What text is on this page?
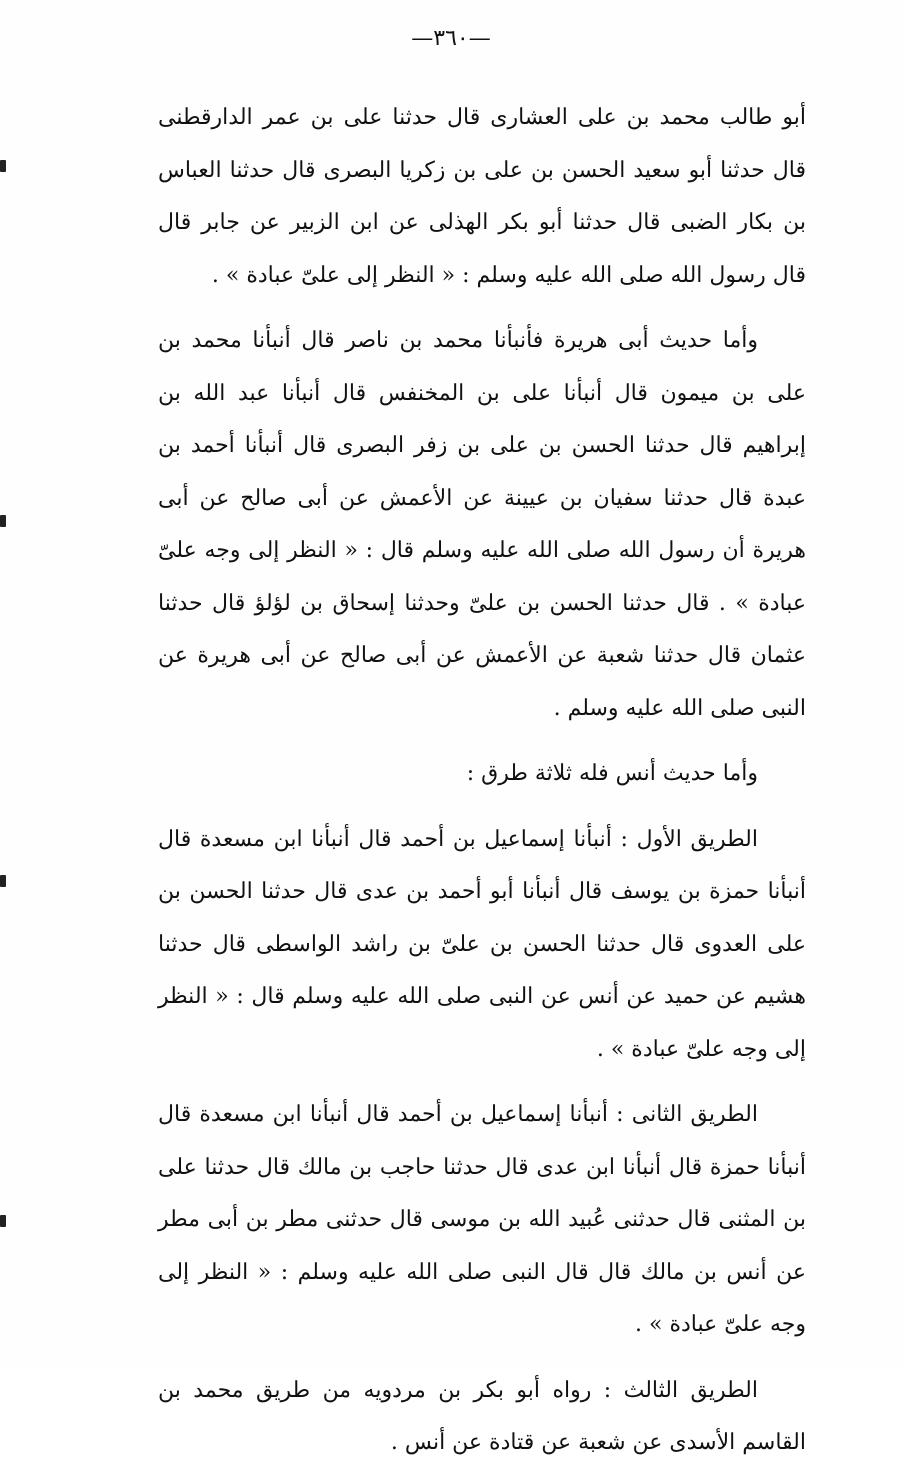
—٣٦٠—

أبو طالب محمد بن على العشارى قال حدثنا على بن عمر الدارقطنى قال حدثنا أبو سعيد الحسن بن على بن زكريا البصرى قال حدثنا العباس بن بكار الضبى قال حدثنا أبو بكر الهذلى عن ابن الزبير عن جابر قال قال رسول الله صلى الله عليه وسلم : « النظر إلى علىّ عبادة » .

وأما حديث أبى هريرة فأنبأنا محمد بن ناصر قال أنبأنا محمد بن على بن ميمون قال أنبأنا على بن المخنفس قال أنبأنا عبد الله بن إبراهيم قال حدثنا الحسن بن على بن زفر البصرى قال أنبأنا أحمد بن عبدة قال حدثنا سفيان بن عيينة عن الأعمش عن أبى صالح عن أبى هريرة أن رسول الله صلى الله عليه وسلم قال : « النظر إلى وجه علىّ عبادة » . قال حدثنا الحسن بن علىّ وحدثنا إسحاق بن لؤلؤ قال حدثنا عثمان قال حدثنا شعبة عن الأعمش عن أبى صالح عن أبى هريرة عن النبى صلى الله عليه وسلم .

وأما حديث أنس فله ثلاثة طرق :

الطريق الأول : أنبأنا إسماعيل بن أحمد قال أنبأنا ابن مسعدة قال أنبأنا حمزة بن يوسف قال أنبأنا أبو أحمد بن عدى قال حدثنا الحسن بن على العدوى قال حدثنا الحسن بن علىّ بن راشد الواسطى قال حدثنا هشيم عن حميد عن أنس عن النبى صلى الله عليه وسلم قال : « النظر إلى وجه علىّ عبادة » .

الطريق الثانى : أنبأنا إسماعيل بن أحمد قال أنبأنا ابن مسعدة قال أنبأنا حمزة قال أنبأنا ابن عدى قال حدثنا حاجب بن مالك قال حدثنا على بن المثنى قال حدثنى عُبيد الله بن موسى قال حدثنى مطر بن أبى مطر عن أنس بن مالك قال قال النبى صلى الله عليه وسلم : « النظر إلى وجه علىّ عبادة » .

الطريق الثالث : رواه أبو بكر بن مردويه من طريق محمد بن القاسم الأسدى عن شعبة عن قتادة عن أنس .
